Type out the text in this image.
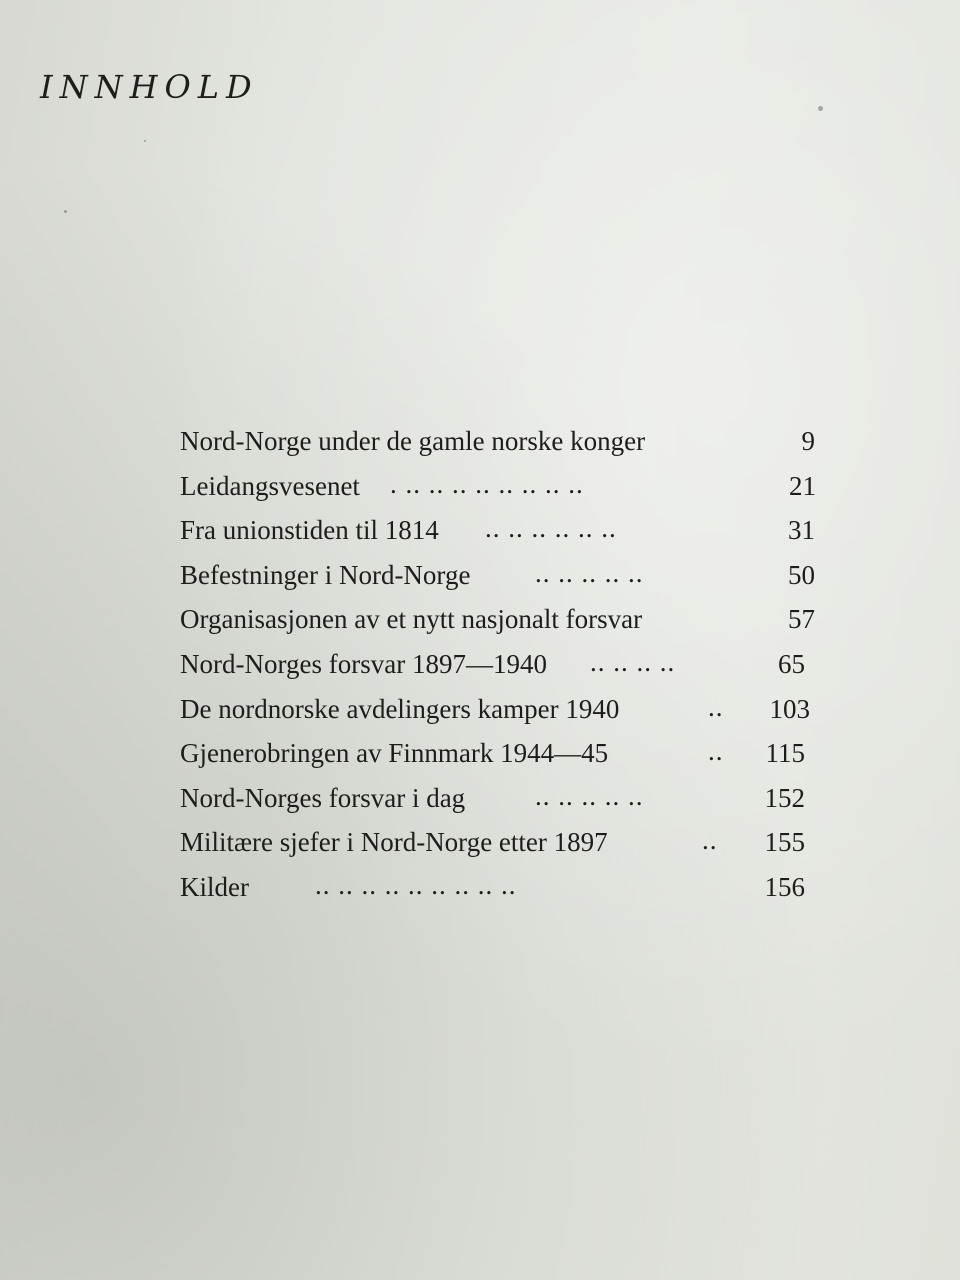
INNHOLD
Nord-Norge under de gamle norske konger	9
Leidangsvesenet . .. .. .. .. .. .. .. ..	21
Fra unionstiden til 1814 .. .. .. .. .. ..	31
Befestninger i Nord-Norge .. .. .. .. ..	50
Organisasjonen av et nytt nasjonalt forsvar	57
Nord-Norges forsvar 1897—1940 .. .. .. ..	65
De nordnorske avdelingers kamper 1940	..	103
Gjenerobringen av Finnmark 1944—45	..	115
Nord-Norges forsvar i dag	.. .. .. .. ..	152
Militære sjefer i Nord-Norge etter 1897	..	155
Kilder .. .. .. .. .. .. .. .. ..	156
